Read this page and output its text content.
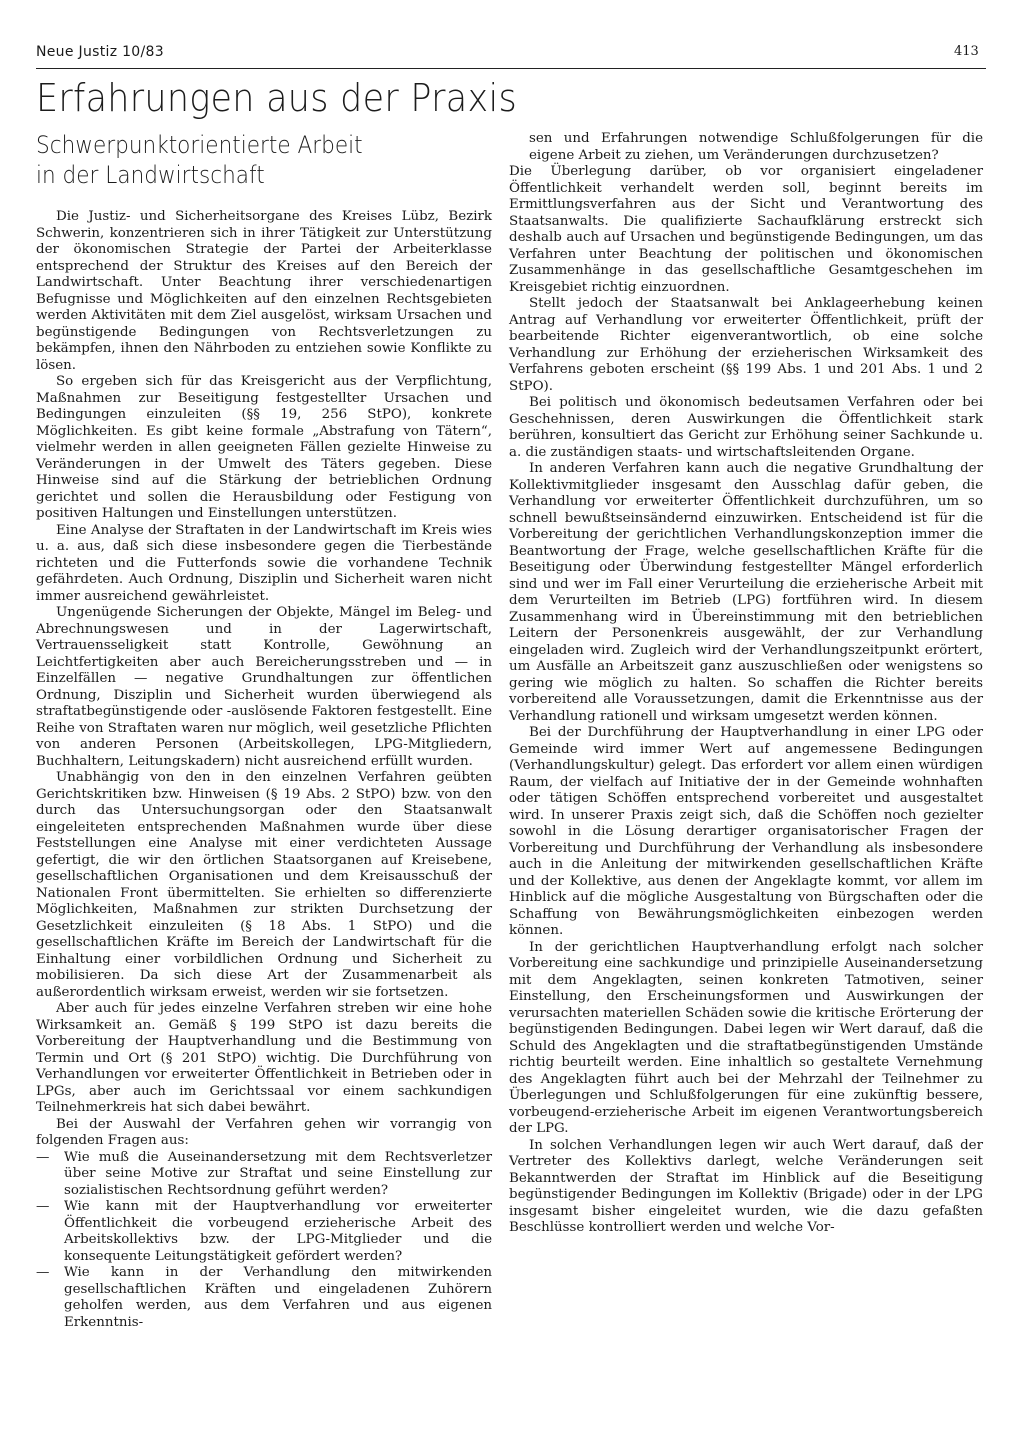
Neue Justiz 10/83	413
Erfahrungen aus der Praxis
Schwerpunktorientierte Arbeit
in der Landwirtschaft

Die Justiz- und Sicherheitsorgane des Kreises Lübz, Bezirk Schwerin, konzentrieren sich in ihrer Tätigkeit zur Unterstützung der ökonomischen Strategie der Partei der Arbeiterklasse entsprechend der Struktur des Kreises auf den Bereich der Landwirtschaft. Unter Beachtung ihrer verschiedenartigen Befugnisse und Möglichkeiten auf den einzelnen Rechtsgebieten werden Aktivitäten mit dem Ziel ausgelöst, wirksam Ursachen und begünstigende Bedingungen von Rechtsverletzungen zu bekämpfen, ihnen den Nährboden zu entziehen sowie Konflikte zu lösen.

So ergeben sich für das Kreisgericht aus der Verpflichtung, Maßnahmen zur Beseitigung festgestellter Ursachen und Bedingungen einzuleiten (§§ 19, 256 StPO), konkrete Möglichkeiten. Es gibt keine formale „Abstrafung von Tätern“, vielmehr werden in allen geeigneten Fällen gezielte Hinweise zu Veränderungen in der Umwelt des Täters gegeben. Diese Hinweise sind auf die Stärkung der betrieblichen Ordnung gerichtet und sollen die Herausbildung oder Festigung von positiven Haltungen und Einstellungen unterstützen.

Eine Analyse der Straftaten in der Landwirtschaft im Kreis wies u. a. aus, daß sich diese insbesondere gegen die Tierbestände richteten und die Futterfonds sowie die vorhandene Technik gefährdeten. Auch Ordnung, Disziplin und Sicherheit waren nicht immer ausreichend gewährleistet.

Ungenügende Sicherungen der Objekte, Mängel im Beleg- und Abrechnungswesen und in der Lagerwirtschaft, Vertrauensseligkeit statt Kontrolle, Gewöhnung an Leichtfertigkeiten aber auch Bereicherungsstreben und — in Einzelfällen — negative Grundhaltungen zur öffentlichen Ordnung, Disziplin und Sicherheit wurden überwiegend als straftatbegünstigende oder -auslösende Faktoren festgestellt. Eine Reihe von Straftaten waren nur möglich, weil gesetzliche Pflichten von anderen Personen (Arbeitskollegen, LPG-Mitgliedern, Buchhaltern, Leitungskadern) nicht ausreichend erfüllt wurden.

Unabhängig von den in den einzelnen Verfahren geübten Gerichtskritiken bzw. Hinweisen (§ 19 Abs. 2 StPO) bzw. von den durch das Untersuchungsorgan oder den Staatsanwalt eingeleiteten entsprechenden Maßnahmen wurde über diese Feststellungen eine Analyse mit einer verdichteten Aussage gefertigt, die wir den örtlichen Staatsorganen auf Kreisebene, gesellschaftlichen Organisationen und dem Kreisausschuß der Nationalen Front übermittelten. Sie erhielten so differenzierte Möglichkeiten, Maßnahmen zur strikten Durchsetzung der Gesetzlichkeit einzuleiten (§ 18 Abs. 1 StPO) und die gesellschaftlichen Kräfte im Bereich der Landwirtschaft für die Einhaltung einer vorbildlichen Ordnung und Sicherheit zu mobilisieren. Da sich diese Art der Zusammenarbeit als außerordentlich wirksam erweist, werden wir sie fortsetzen.

Aber auch für jedes einzelne Verfahren streben wir eine hohe Wirksamkeit an. Gemäß § 199 StPO ist dazu bereits die Vorbereitung der Hauptverhandlung und die Bestimmung von Termin und Ort (§ 201 StPO) wichtig. Die Durchführung von Verhandlungen vor erweiterter Öffentlichkeit in Betrieben oder in LPGs, aber auch im Gerichtssaal vor einem sachkundigen Teilnehmerkreis hat sich dabei bewährt.

Bei der Auswahl der Verfahren gehen wir vorrangig von folgenden Fragen aus:

— Wie muß die Auseinandersetzung mit dem Rechtsverletzer über seine Motive zur Straftat und seine Einstellung zur sozialistischen Rechtsordnung geführt werden?
— Wie kann mit der Hauptverhandlung vor erweiterter Öffentlichkeit die vorbeugend erzieherische Arbeit des Arbeitskollektivs bzw. der LPG-Mitglieder und die konsequente Leitungstätigkeit gefördert werden?
— Wie kann in der Verhandlung den mitwirkenden gesellschaftlichen Kräften und eingeladenen Zuhörern geholfen werden, aus dem Verfahren und aus eigenen Erkenntnis-

sen und Erfahrungen notwendige Schlußfolgerungen für die eigene Arbeit zu ziehen, um Veränderungen durchzusetzen?

Die Überlegung darüber, ob vor organisiert eingeladener Öffentlichkeit verhandelt werden soll, beginnt bereits im Ermittlungsverfahren aus der Sicht und Verantwortung des Staatsanwalts. Die qualifizierte Sachaufklärung erstreckt sich deshalb auch auf Ursachen und begünstigende Bedingungen, um das Verfahren unter Beachtung der politischen und ökonomischen Zusammenhänge in das gesellschaftliche Gesamtgeschehen im Kreisgebiet richtig einzuordnen.

Stellt jedoch der Staatsanwalt bei Anklageerhebung keinen Antrag auf Verhandlung vor erweiterter Öffentlichkeit, prüft der bearbeitende Richter eigenverantwortlich, ob eine solche Verhandlung zur Erhöhung der erzieherischen Wirksamkeit des Verfahrens geboten erscheint (§§ 199 Abs. 1 und 201 Abs. 1 und 2 StPO).

Bei politisch und ökonomisch bedeutsamen Verfahren oder bei Geschehnissen, deren Auswirkungen die Öffentlichkeit stark berühren, konsultiert das Gericht zur Erhöhung seiner Sachkunde u. a. die zuständigen staats- und wirtschaftsleitenden Organe.

In anderen Verfahren kann auch die negative Grundhaltung der Kollektivmitglieder insgesamt den Ausschlag dafür geben, die Verhandlung vor erweiterter Öffentlichkeit durchzuführen, um so schnell bewußtseinsändernd einzuwirken. Entscheidend ist für die Vorbereitung der gerichtlichen Verhandlungskonzeption immer die Beantwortung der Frage, welche gesellschaftlichen Kräfte für die Beseitigung oder Überwindung festgestellter Mängel erforderlich sind und wer im Fall einer Verurteilung die erzieherische Arbeit mit dem Verurteilten im Betrieb (LPG) fortführen wird. In diesem Zusammenhang wird in Übereinstimmung mit den betrieblichen Leitern der Personenkreis ausgewählt, der zur Verhandlung eingeladen wird. Zugleich wird der Verhandlungszeitpunkt erörtert, um Ausfälle an Arbeitszeit ganz auszuschließen oder wenigstens so gering wie möglich zu halten. So schaffen die Richter bereits vorbereitend alle Voraussetzungen, damit die Erkenntnisse aus der Verhandlung rationell und wirksam umgesetzt werden können.

Bei der Durchführung der Hauptverhandlung in einer LPG oder Gemeinde wird immer Wert auf angemessene Bedingungen (Verhandlungskultur) gelegt. Das erfordert vor allem einen würdigen Raum, der vielfach auf Initiative der in der Gemeinde wohnhaften oder tätigen Schöffen entsprechend vorbereitet und ausgestaltet wird. In unserer Praxis zeigt sich, daß die Schöffen noch gezielter sowohl in die Lösung derartiger organisatorischer Fragen der Vorbereitung und Durchführung der Verhandlung als insbesondere auch in die Anleitung der mitwirkenden gesellschaftlichen Kräfte und der Kollektive, aus denen der Angeklagte kommt, vor allem im Hinblick auf die mögliche Ausgestaltung von Bürgschaften oder die Schaffung von Bewährungsmöglichkeiten einbezogen werden können.

In der gerichtlichen Hauptverhandlung erfolgt nach solcher Vorbereitung eine sachkundige und prinzipielle Auseinandersetzung mit dem Angeklagten, seinen konkreten Tatmotiven, seiner Einstellung, den Erscheinungsformen und Auswirkungen der verursachten materiellen Schäden sowie die kritische Erörterung der begünstigenden Bedingungen. Dabei legen wir Wert darauf, daß die Schuld des Angeklagten und die straftatbegünstigenden Umstände richtig beurteilt werden. Eine inhaltlich so gestaltete Vernehmung des Angeklagten führt auch bei der Mehrzahl der Teilnehmer zu Überlegungen und Schlußfolgerungen für eine zukünftig bessere, vorbeugend-erzieherische Arbeit im eigenen Verantwortungsbereich der LPG.

In solchen Verhandlungen legen wir auch Wert darauf, daß der Vertreter des Kollektivs darlegt, welche Veränderungen seit Bekanntwerden der Straftat im Hinblick auf die Beseitigung begünstigender Bedingungen im Kollektiv (Brigade) oder in der LPG insgesamt bisher eingeleitet wurden, wie die dazu gefaßten Beschlüsse kontrolliert werden und welche Vor-
